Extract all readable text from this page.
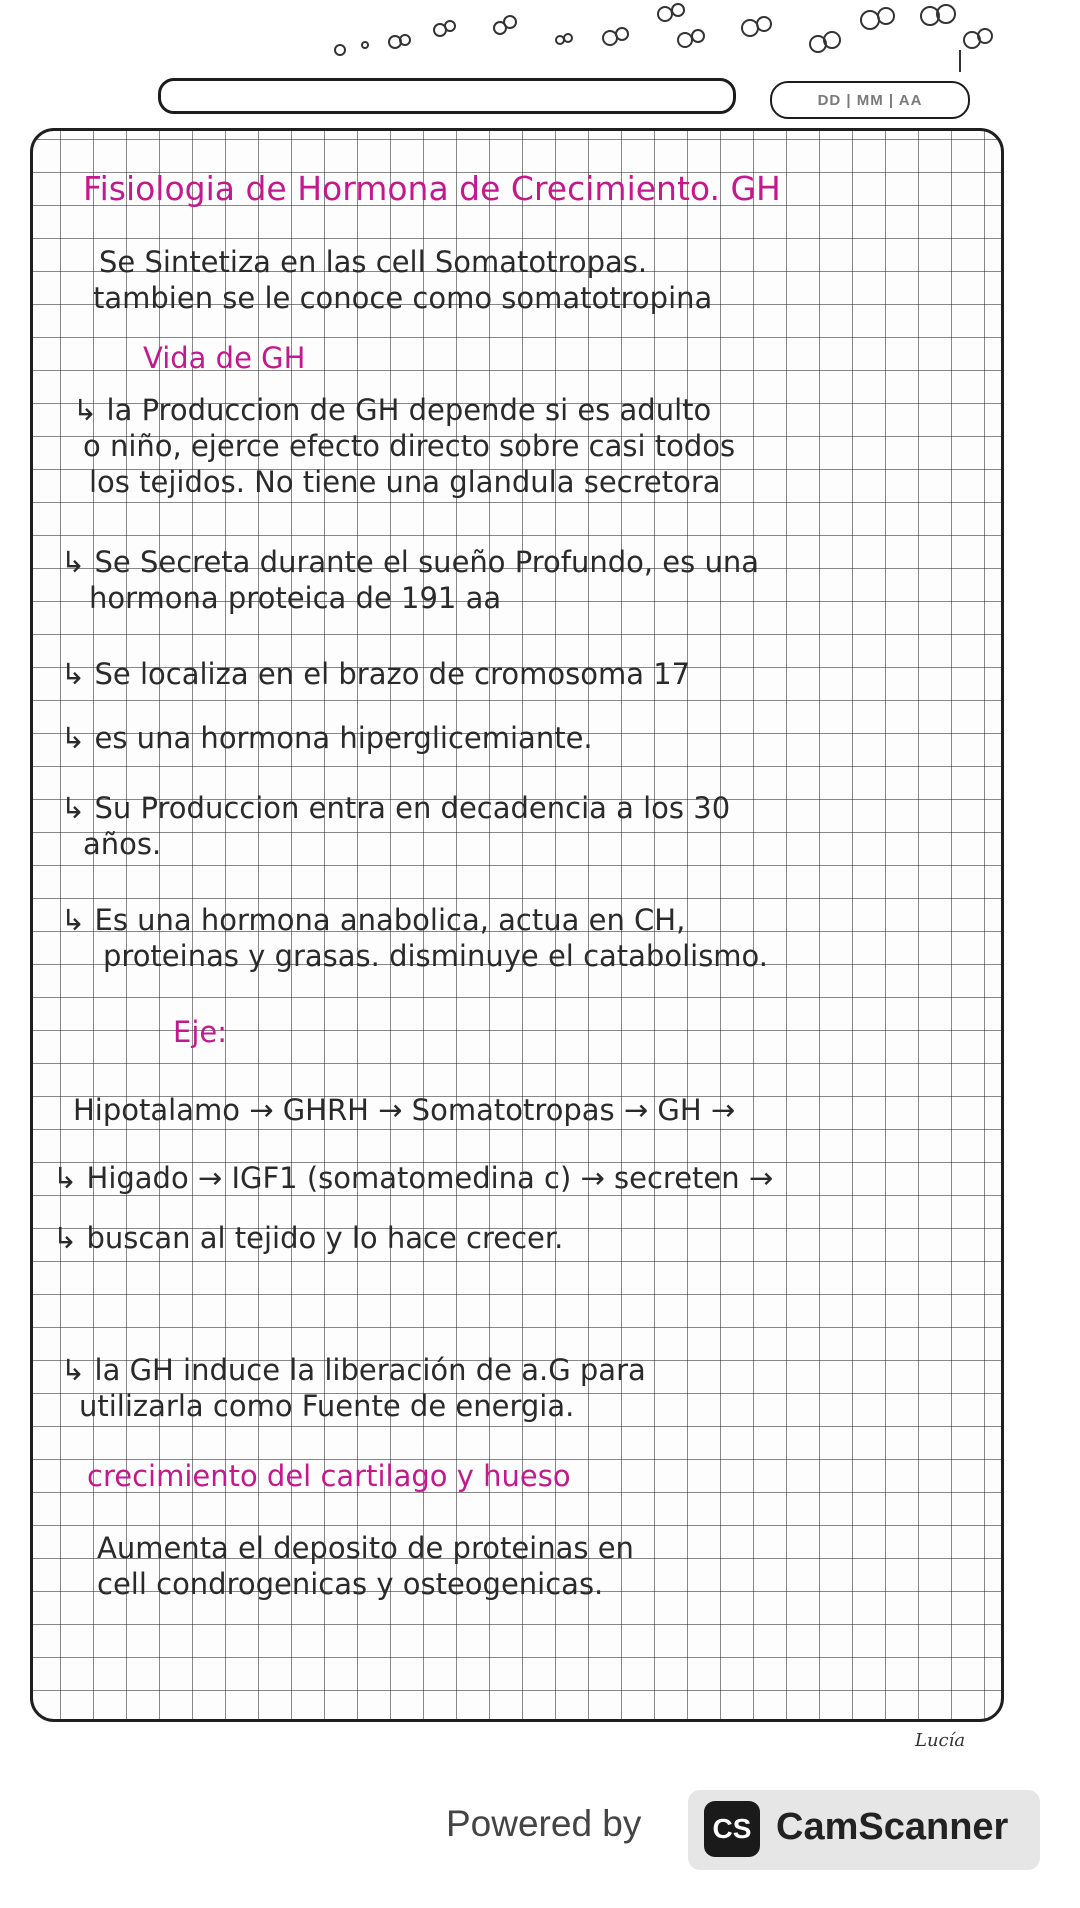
DD | MM | AA
Fisiologia de Hormona de Crecimiento. GH
Se Sintetiza en las cell Somatotropas.
tambien se le conoce como somatotropina
Vida de GH
↳ la Produccion de GH depende si es adulto
o niño, ejerce efecto directo sobre casi todos
los tejidos. No tiene una glandula secretora
↳ Se Secreta durante el sueño Profundo, es una
hormona proteica de 191 aa
↳ Se localiza en el brazo de cromosoma 17
↳ es una hormona hiperglicemiante.
↳ Su Produccion entra en decadencia a los 30
años.
↳ Es una hormona anabolica, actua en CH,
proteinas y grasas. disminuye el catabolismo.
Eje:
Hipotalamo → GHRH → Somatotropas → GH →
↳ Higado → IGF1 (somatomedina c) → secreten →
↳ buscan al tejido y lo hace crecer.
↳ la GH induce la liberación de a.G para
utilizarla como Fuente de energia.
crecimiento del cartilago y hueso
Aumenta el deposito de proteinas en
cell condrogenicas y osteogenicas.
Lucía
Powered by	CS CamScanner
